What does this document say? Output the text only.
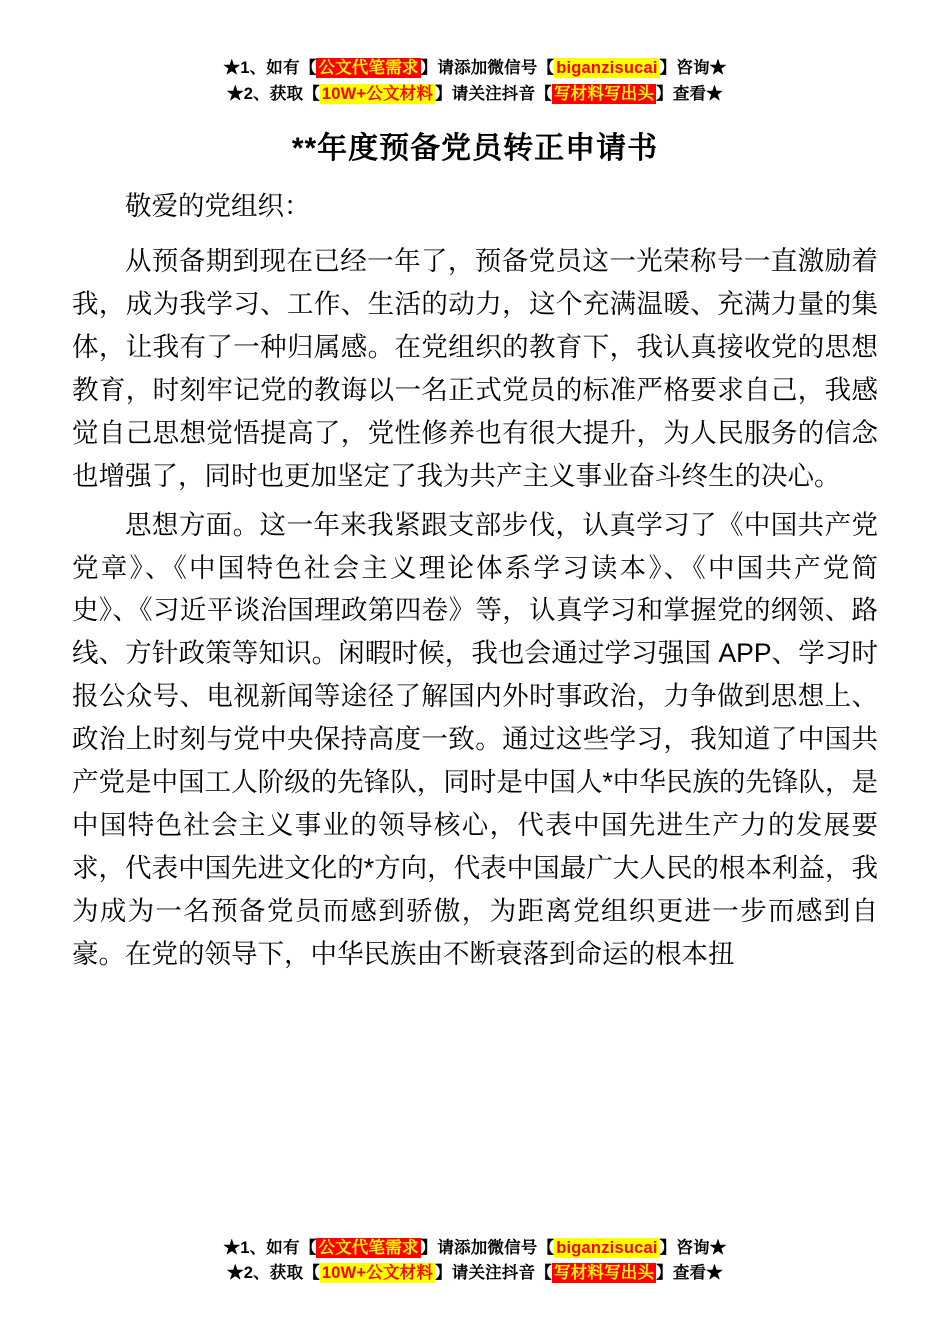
★1、如有【 公文代笔需求 】请添加微信号【 biganzisucai 】咨询★
★2、获取【 10W+公文材料 】请关注抖音【 写材料写出头 】查看★
**年度预备党员转正申请书

敬爱的党组织：

从预备期到现在已经一年了，预备党员这一光荣称号一直激励着我，成为我学习、工作、生活的动力，这个充满温暖、充满力量的集体，让我有了一种归属感。在党组织的教育下，我认真接收党的思想教育，时刻牢记党的教诲以一名正式党员的标准严格要求自己，我感觉自己思想觉悟提高了，党性修养也有很大提升，为人民服务的信念也增强了，同时也更加坚定了我为共产主义事业奋斗终生的决心。

思想方面。这一年来我紧跟支部步伐，认真学习了《中国共产党党章》、《中国特色社会主义理论体系学习读本》、《中国共产党简史》、《习近平谈治国理政第四卷》等，认真学习和掌握党的纲领、路线、方针政策等知识。闲暇时候，我也会通过学习强国 APP、学习时报公众号、电视新闻等途径了解国内外时事政治，力争做到思想上、政治上时刻与党中央保持高度一致。通过这些学习，我知道了中国共产党是中国工人阶级的先锋队，同时是中国人*中华民族的先锋队，是中国特色社会主义事业的领导核心，代表中国先进生产力的发展要求，代表中国先进文化的*方向，代表中国最广大人民的根本利益，我为成为一名预备党员而感到骄傲，为距离党组织更进一步而感到自豪。在党的领导下，中华民族由不断衰落到命运的根本扭

★1、如有【 公文代笔需求 】请添加微信号【 biganzisucai 】咨询★
★2、获取【 10W+公文材料 】请关注抖音【 写材料写出头 】查看★
